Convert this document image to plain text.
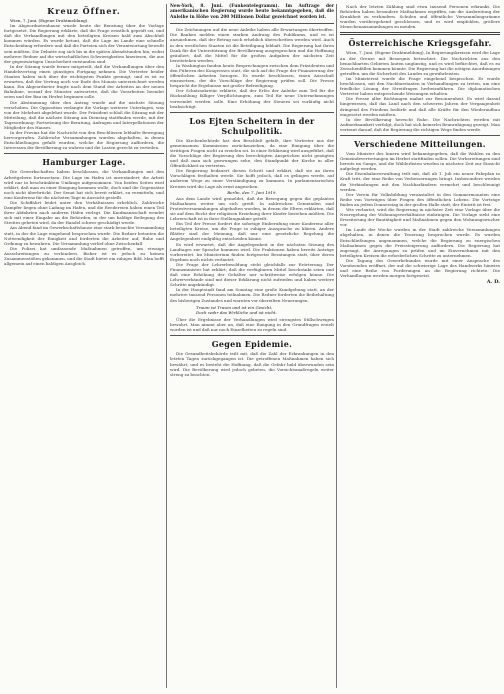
Kreuz Öffner.

Wien, 7. Juni. (Eigene Drahtmeldung).

Im Abgeordnetenhause wurde heute die Beratung über die Vorlage fortgesetzt. Die Regierung erklärte, daß die Frage ernstlich geprüft sei, und daß die Verhandlungen mit den beteiligten Kreisen bald zum Abschluß kommen würden. Es wurde betont, daß die Lage im Lande eine schnelle Entscheidung erfordere und daß die Parteien sich der Verantwortung bewußt sein müßten. Die Debatte zog sich bis in die späten Abendstunden hin, wobei mehrere Redner auf die wirtschaftlichen Schwierigkeiten hinwiesen, die aus der gegenwärtigen Unsicherheit entstanden sind.

In der Sitzung wurde ferner mitgeteilt, daß die Verhandlungen über den Handelsvertrag einen günstigen Fortgang nehmen. Die Vertreter beider Staaten haben sich über die wichtigsten Punkte geeinigt, und es ist zu erwarten, daß der Vertrag noch vor Ende des Monats unterzeichnet werden kann. Ein Abgeordneter fragte nach dem Stand der Arbeiten an der neuen Bahnlinie, worauf der Minister antwortete, daß die Vorarbeiten beendet seien und der Bau im Herbst beginnen solle.

Die Abstimmung über den Antrag wurde auf die nächste Sitzung verschoben. Die Opposition verlangte die Vorlage weiterer Unterlagen, was von der Mehrheit abgelehnt wurde. Der Präsident schloß die Sitzung mit der Mitteilung, daß die nächste Sitzung am Dienstag stattfinden werde, mit der Tagesordnung: Fortsetzung der Beratung, Anfragen und Interpellationen der Mitglieder des Hauses.

In der Provinz hat die Nachricht von den Beschlüssen lebhafte Bewegung hervorgerufen. Zahlreiche Versammlungen wurden abgehalten, in denen Entschließungen gefaßt wurden, welche die Regierung auffordern, die Interessen der Bevölkerung zu wahren und die Lasten gerecht zu verteilen.

Hamburger Lage.

Die Gewerkschaften haben beschlossen, die Verhandlungen mit den Arbeitgebern fortzusetzen. Die Lage im Hafen ist unverändert; die Arbeit wird nur in beschränktem Umfange aufgenommen. Von beiden Seiten wird erklärt, daß man zu einer Einigung kommen wolle, doch sind die Gegensätze noch nicht überbrückt. Der Senat hat sich bereit erklärt, zu vermitteln, und eine Konferenz für die nächsten Tage in Aussicht gestellt.

Die Schiffahrt leidet unter den Verhältnissen erheblich. Zahlreiche Dampfer liegen ohne Ladung im Hafen, und die Reedereien haben einen Teil ihrer Abfahrten nach anderen Häfen verlegt. Die Kaufmannschaft wendet sich mit einer Eingabe an die Behörden, in der um baldige Beilegung des Streites gebeten wird, da der Handel schwer geschädigt werde.

Am Abend fand im Gewerkschaftshause eine stark besuchte Versammlung statt, in der die Lage eingehend besprochen wurde. Die Redner betonten die Notwendigkeit der Einigkeit und forderten die Arbeiter auf, Ruhe und Ordnung zu bewahren. Die Versammlung verlief ohne Zwischenfall.

Die Polizei hat umfassende Maßnahmen getroffen, um etwaige Ausschreitungen zu verhindern. Bisher ist es jedoch zu keinen Zusammenstößen gekommen, und die Stadt bietet ein ruhiges Bild. Man hofft allgemein auf einen baldigen Ausgleich.

New-York, 8. Juni. (Funkentelegramm). Im Auftrage der amerikanischen Regierung wurde heute bekanntgegeben, daß die Anleihe in Höhe von 200 Millionen Dollar gezeichnet worden ist.

Die Zeichnungen auf die neue Anleihe haben alle Erwartungen übertroffen. Die Banken melden einen starken Andrang des Publikums, und es ist anzunehmen, daß der Betrag noch erheblich überschritten werden wird. Auch in den westlichen Staaten ist die Beteiligung lebhaft. Die Regierung hat ihren Dank für die Unterstützung der Bevölkerung ausgesprochen und die Hoffnung geäußert, daß die Mittel für die großen Aufgaben der nächsten Zeit bereitstehen werden.

In Washington fanden heute Besprechungen zwischen dem Präsidenten und den Führern des Kongresses statt, die sich auf die Frage der Finanzierung der öffentlichen Arbeiten bezogen. Es wurde beschlossen, einen Ausschuß einzusetzen, der die Vorschläge der Regierung prüfen soll. Die Presse bespricht die Ergebnisse mit großer Befriedigung.

Der Schatzsekretär erklärte, daß der Erlös der Anleihe zum Teil für die Rückzahlung fälliger Verpflichtungen, zum Teil für neue Unternehmungen verwendet werden solle. Eine Erhöhung der Steuern sei vorläufig nicht beabsichtigt.

Los Ejten Scheitern in der Schulpolitik.

Die Kirchenbehörde hat den Beschluß gefaßt, ihre Vertreter aus der gemeinsamen Kommission zurückzuziehen, da eine Einigung über die strittigen Fragen nicht zu erzielen sei. In einer Erklärung wird ausgeführt, daß die Vorschläge der Regierung den berechtigten Ansprüchen nicht genügten und daß man sich gezwungen sehe, den Standpunkt der Kirche in aller Öffentlichkeit zu vertreten.

Die Regierung bedauert diesen Schritt und erklärt, daß sie an ihren Vorschlägen festhalten werde. Sie hofft jedoch, daß es gelingen werde, auf anderem Wege zu einer Verständigung zu kommen. In parlamentarischen Kreisen wird die Lage als ernst angesehen.

Berlin, den 7. Juni 1919.

Aus dem Lande wird gemeldet, daß die Bewegung gegen die geplanten Maßnahmen weiter um sich greift. In zahlreichen Gemeinden sind Protestversammlungen abgehalten worden, in denen die Eltern erklärten, daß sie auf dem Recht der religiösen Erziehung ihrer Kinder bestehen müßten. Die Lehrerschaft ist in ihrer Stellungnahme geteilt.

Ein Teil der Presse fordert die sofortige Einberufung einer Konferenz aller beteiligten Kreise, um die Frage in ruhiger Aussprache zu klären. Andere Blätter sind der Meinung, daß nur eine gesetzliche Regelung die Angelegenheit endgültig entscheiden könne.

Es wird erwartet, daß die Angelegenheit in der nächsten Sitzung des Landtages zur Sprache kommen wird. Die Fraktionen haben bereits Anträge vorbereitet. Im Ministerium finden fortgesetzt Beratungen statt, über deren Ergebnis noch nichts verlautet.

Die Frage der Lehrerbesoldung steht gleichfalls zur Erörterung. Der Finanzminister hat erklärt, daß die verfügbaren Mittel beschränkt seien und daß eine Erhöhung der Gehälter nur schrittweise erfolgen könne. Die Lehrerverbände sind mit dieser Erklärung nicht zufrieden und haben weitere Schritte angekündigt.

In der Hauptstadt fand am Sonntag eine große Kundgebung statt, an der mehrere tausend Personen teilnahmen. Die Redner forderten die Beibehaltung des bisherigen Zustandes und warnten vor übereilten Neuerungen.

Traum ist Traum und ist ein Gesicht,
Doch wahr das Wirkliche und ist nicht.

Über die Ergebnisse der Verhandlungen wird strengstes Stillschweigen bewahrt. Man nimmt aber an, daß eine Einigung in den Grundfragen erzielt worden ist und daß nur noch Einzelheiten zu regeln sind.

Gegen Epidemie.

Die Gesundheitsbehörde teilt mit, daß die Zahl der Erkrankungen in den letzten Tagen zurückgegangen ist. Die getroffenen Maßnahmen haben sich bewährt, und es besteht die Hoffnung, daß die Gefahr bald überwunden sein wird. Die Bevölkerung wird jedoch gebeten, die Vorsichtsmaßregeln weiter streng zu beachten.

Nach der letzten Zählung sind etwa tausend Personen erkrankt. Die Behörden haben besondere Maßnahmen ergriffen, um die Ausbreitung der Krankheit zu verhindern. Schulen und öffentliche Versammlungsräume wurden vorübergehend geschlossen, und es wird empfohlen, größere Menschenansammlungen zu meiden.

Österreichische Kriegsgefahr.

Wien, 7. Juni. (Eigene Drahtmeldung). In Regierungskreisen wird die Lage an der Grenze mit Besorgnis betrachtet. Die Nachrichten aus den benachbarten Gebieten lauten ungünstig, und es wird befürchtet, daß es zu Zwischenfällen kommen könnte. Die Regierung hat die nötigen Anordnungen getroffen, um die Sicherheit des Landes zu gewährleisten.

Im Ministerrat wurde die Frage eingehend besprochen. Es wurde beschlossen, mit den Nachbarstaaten in Verhandlungen zu treten, um eine friedliche Lösung der Streitfragen herbeizuführen. Die diplomatischen Vertreter haben entsprechende Weisungen erhalten.

Die Presse aller Richtungen mahnt zur Besonnenheit. Es wird darauf hingewiesen, daß das Land nach den schweren Jahren der Vergangenheit dringend des Friedens bedürfe und daß alle Kräfte für den Wiederaufbau eingesetzt werden müßten.

In der Bevölkerung herrscht Ruhe. Die Nachrichten werden mit Aufmerksamkeit verfolgt, doch hat sich keinerlei Beunruhigung gezeigt. Man vertraut darauf, daß die Regierung die richtigen Wege finden werde.

Verschiedene Mitteilungen.

Vom Minister des Innern wird bekanntgegeben, daß die Wahlen zu den Gemeindevertretungen im Herbst stattfinden sollen. Die Vorbereitungen sind bereits im Gange, und die Wählerlisten werden in nächster Zeit zur Einsicht aufgelegt werden.

Die Eisenbahnverwaltung teilt mit, daß ab 1. Juli ein neuer Fahrplan in Kraft tritt, der eine Reihe von Verbesserungen bringt. Insbesondere werden die Verbindungen mit den Nachbarländern vermehrt und beschleunigt werden.

Der Verein für Volksbildung veranstaltet in den Sommermonaten eine Reihe von Vorträgen über Fragen des öffentlichen Lebens. Die Vorträge finden an jedem Donnerstag in der großen Halle statt; der Eintritt ist frei.

Wie verlautet, wird die Regierung in nächster Zeit eine Vorlage über die Neuregelung der Wohnungsverhältnisse einbringen. Die Vorlage sieht eine Erweiterung der Bautätigkeit und Maßnahmen gegen den Wohnungswucher vor.

Im Laufe der Woche wurden in der Stadt zahlreiche Versammlungen abgehalten, in denen die Teuerung besprochen wurde. Es wurden Entschließungen angenommen, welche die Regierung zu energischen Maßnahmen gegen die Preissteigerung auffordern. Die Regierung hat zugesagt, die Anregungen zu prüfen und im Einvernehmen mit den beteiligten Kreisen die erforderlichen Schritte zu unternehmen.

Die Tagung des Gewerbebundes wurde mit einer Ansprache des Vorsitzenden eröffnet, der auf die schwierige Lage des Handwerks hinwies und eine Reihe von Forderungen an die Regierung richtete. Die Verhandlungen werden morgen fortgesetzt.

A. D.
